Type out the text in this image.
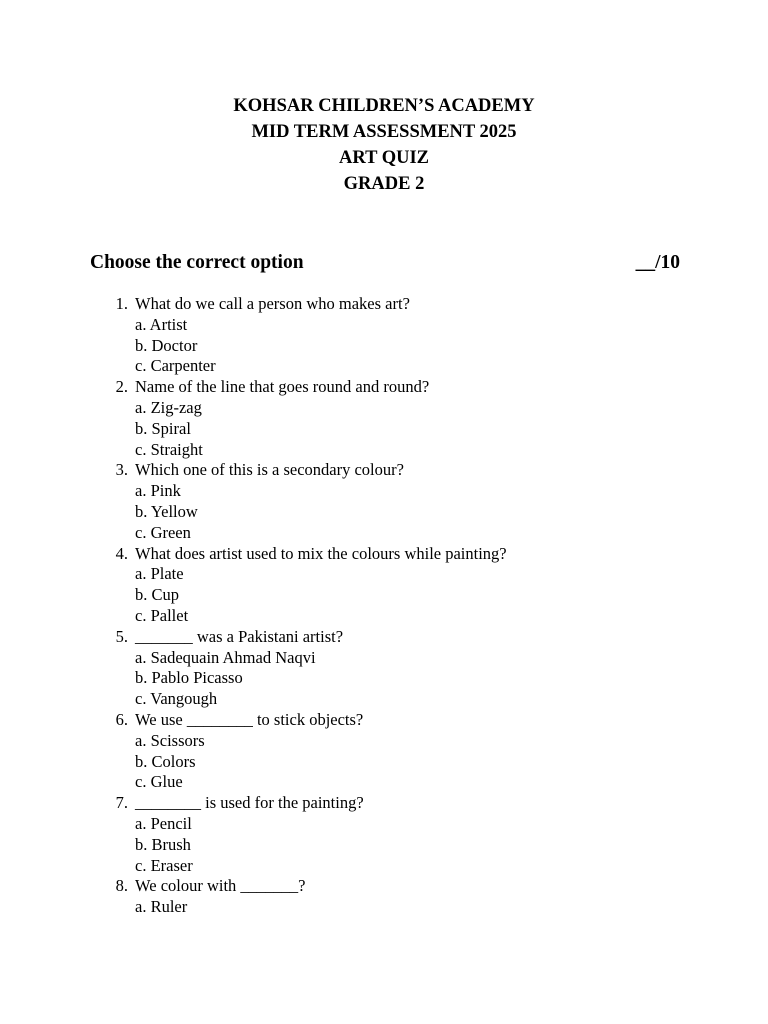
KOHSAR CHILDREN’S ACADEMY
MID TERM ASSESSMENT 2025
ART QUIZ
GRADE 2
Choose the correct option	__/10
1. What do we call a person who makes art?
a. Artist
b. Doctor
c. Carpenter
2. Name of the line that goes round and round?
a. Zig-zag
b. Spiral
c. Straight
3. Which one of this is a secondary colour?
a. Pink
b. Yellow
c. Green
4. What does artist used to mix the colours while painting?
a. Plate
b. Cup
c. Pallet
5. _______ was a Pakistani artist?
a. Sadequain Ahmad Naqvi
b. Pablo Picasso
c. Vangough
6. We use ________ to stick objects?
a. Scissors
b. Colors
c. Glue
7. ________ is used for the painting?
a. Pencil
b. Brush
c. Eraser
8. We colour with _______?
a. Ruler
